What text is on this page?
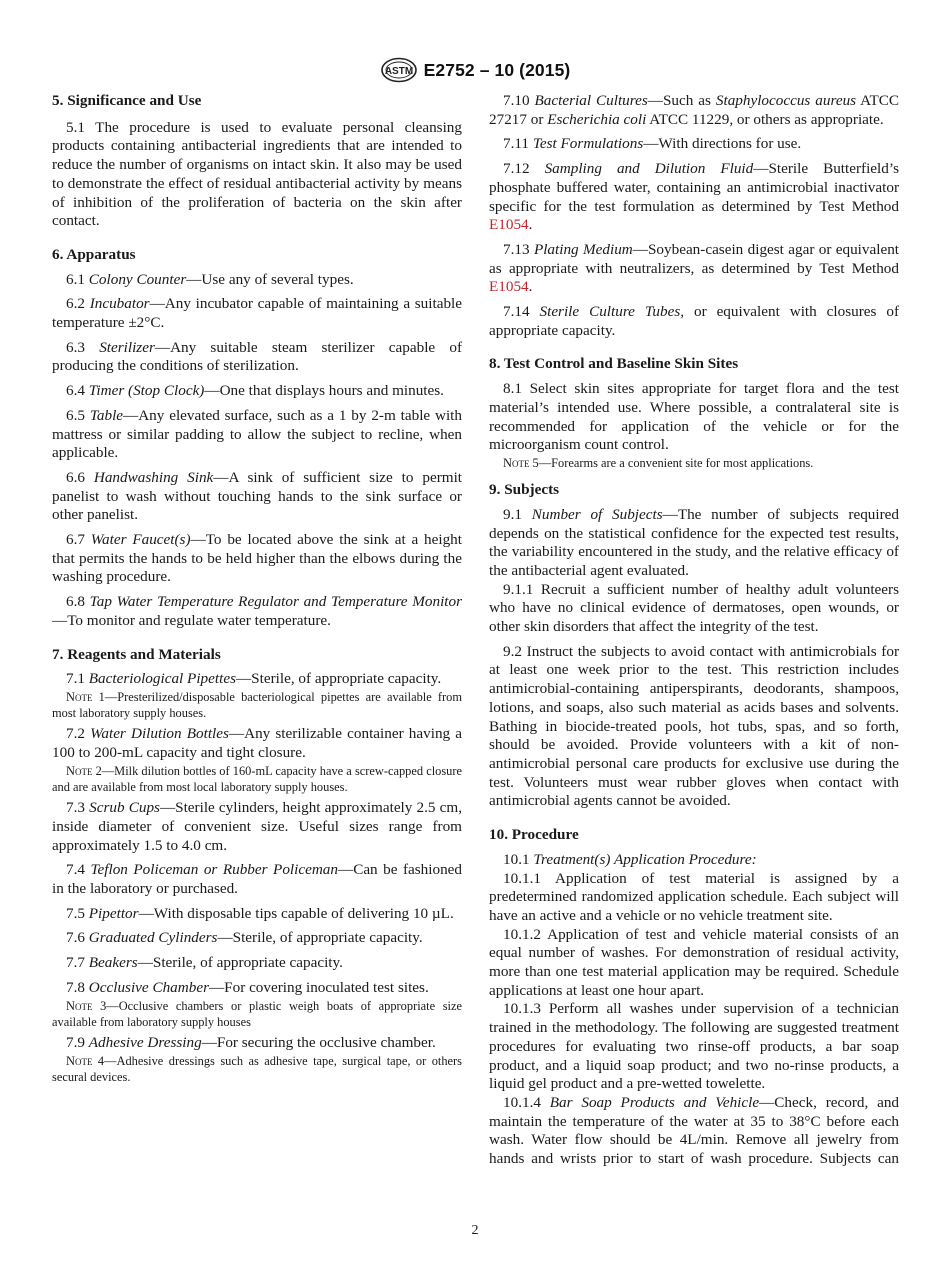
ASTM E2752 – 10 (2015)
5. Significance and Use

5.1 The procedure is used to evaluate personal cleansing products containing antibacterial ingredients that are intended to reduce the number of organisms on intact skin. It also may be used to demonstrate the effect of residual antibacterial activity by means of inhibition of the proliferation of bacteria on the skin after contact.

6. Apparatus

6.1 Colony Counter—Use any of several types.

6.2 Incubator—Any incubator capable of maintaining a suitable temperature ±2°C.

6.3 Sterilizer—Any suitable steam sterilizer capable of producing the conditions of sterilization.

6.4 Timer (Stop Clock)—One that displays hours and minutes.

6.5 Table—Any elevated surface, such as a 1 by 2-m table with mattress or similar padding to allow the subject to recline, when applicable.

6.6 Handwashing Sink—A sink of sufficient size to permit panelist to wash without touching hands to the sink surface or other panelist.

6.7 Water Faucet(s)—To be located above the sink at a height that permits the hands to be held higher than the elbows during the washing procedure.

6.8 Tap Water Temperature Regulator and Temperature Monitor—To monitor and regulate water temperature.

7. Reagents and Materials

7.1 Bacteriological Pipettes—Sterile, of appropriate capacity.

Note 1—Presterilized/disposable bacteriological pipettes are available from most laboratory supply houses.

7.2 Water Dilution Bottles—Any sterilizable container having a 100 to 200-mL capacity and tight closure.

Note 2—Milk dilution bottles of 160-mL capacity have a screw-capped closure and are available from most local laboratory supply houses.

7.3 Scrub Cups—Sterile cylinders, height approximately 2.5 cm, inside diameter of convenient size. Useful sizes range from approximately 1.5 to 4.0 cm.

7.4 Teflon Policeman or Rubber Policeman—Can be fashioned in the laboratory or purchased.

7.5 Pipettor—With disposable tips capable of delivering 10 µL.

7.6 Graduated Cylinders—Sterile, of appropriate capacity.

7.7 Beakers—Sterile, of appropriate capacity.

7.8 Occlusive Chamber—For covering inoculated test sites.

Note 3—Occlusive chambers or plastic weigh boats of appropriate size available from laboratory supply houses

7.9 Adhesive Dressing—For securing the occlusive chamber.

Note 4—Adhesive dressings such as adhesive tape, surgical tape, or others secural devices.

7.10 Bacterial Cultures—Such as Staphylococcus aureus ATCC 27217 or Escherichia coli ATCC 11229, or others as appropriate.

7.11 Test Formulations—With directions for use.

7.12 Sampling and Dilution Fluid—Sterile Butterfield’s phosphate buffered water, containing an antimicrobial inactivator specific for the test formulation as determined by Test Method E1054.

7.13 Plating Medium—Soybean-casein digest agar or equivalent as appropriate with neutralizers, as determined by Test Method E1054.

7.14 Sterile Culture Tubes, or equivalent with closures of appropriate capacity.

8. Test Control and Baseline Skin Sites

8.1 Select skin sites appropriate for target flora and the test material’s intended use. Where possible, a contralateral site is recommended for application of the vehicle or for the microorganism count control.

Note 5—Forearms are a convenient site for most applications.

9. Subjects

9.1 Number of Subjects—The number of subjects required depends on the statistical confidence for the expected test results, the variability encountered in the study, and the relative efficacy of the antibacterial agent evaluated.

9.1.1 Recruit a sufficient number of healthy adult volunteers who have no clinical evidence of dermatoses, open wounds, or other skin disorders that affect the integrity of the test.

9.2 Instruct the subjects to avoid contact with antimicrobials for at least one week prior to the test. This restriction includes antimicrobial-containing antiperspirants, deodorants, shampoos, lotions, and soaps, also such material as acids bases and solvents. Bathing in biocide-treated pools, hot tubs, spas, and so forth, should be avoided. Provide volunteers with a kit of non-antimicrobial personal care products for exclusive use during the test. Volunteers must wear rubber gloves when contact with antimicrobial agents cannot be avoided.

10. Procedure

10.1 Treatment(s) Application Procedure:

10.1.1 Application of test material is assigned by a predetermined randomized application schedule. Each subject will have an active and a vehicle or no vehicle treatment site.

10.1.2 Application of test and vehicle material consists of an equal number of washes. For demonstration of residual activity, more than one test material application may be required. Schedule applications at least one hour apart.

10.1.3 Perform all washes under supervision of a technician trained in the methodology. The following are suggested treatment procedures for evaluating two rinse-off products, a bar soap product, and a liquid soap product; and two no-rinse products, a liquid gel product and a pre-wetted towelette.

10.1.4 Bar Soap Products and Vehicle—Check, record, and maintain the temperature of the water at 35 to 38°C before each wash. Water flow should be 4L/min. Remove all jewelry from hands and wrists prior to start of wash procedure. Subjects can

2
